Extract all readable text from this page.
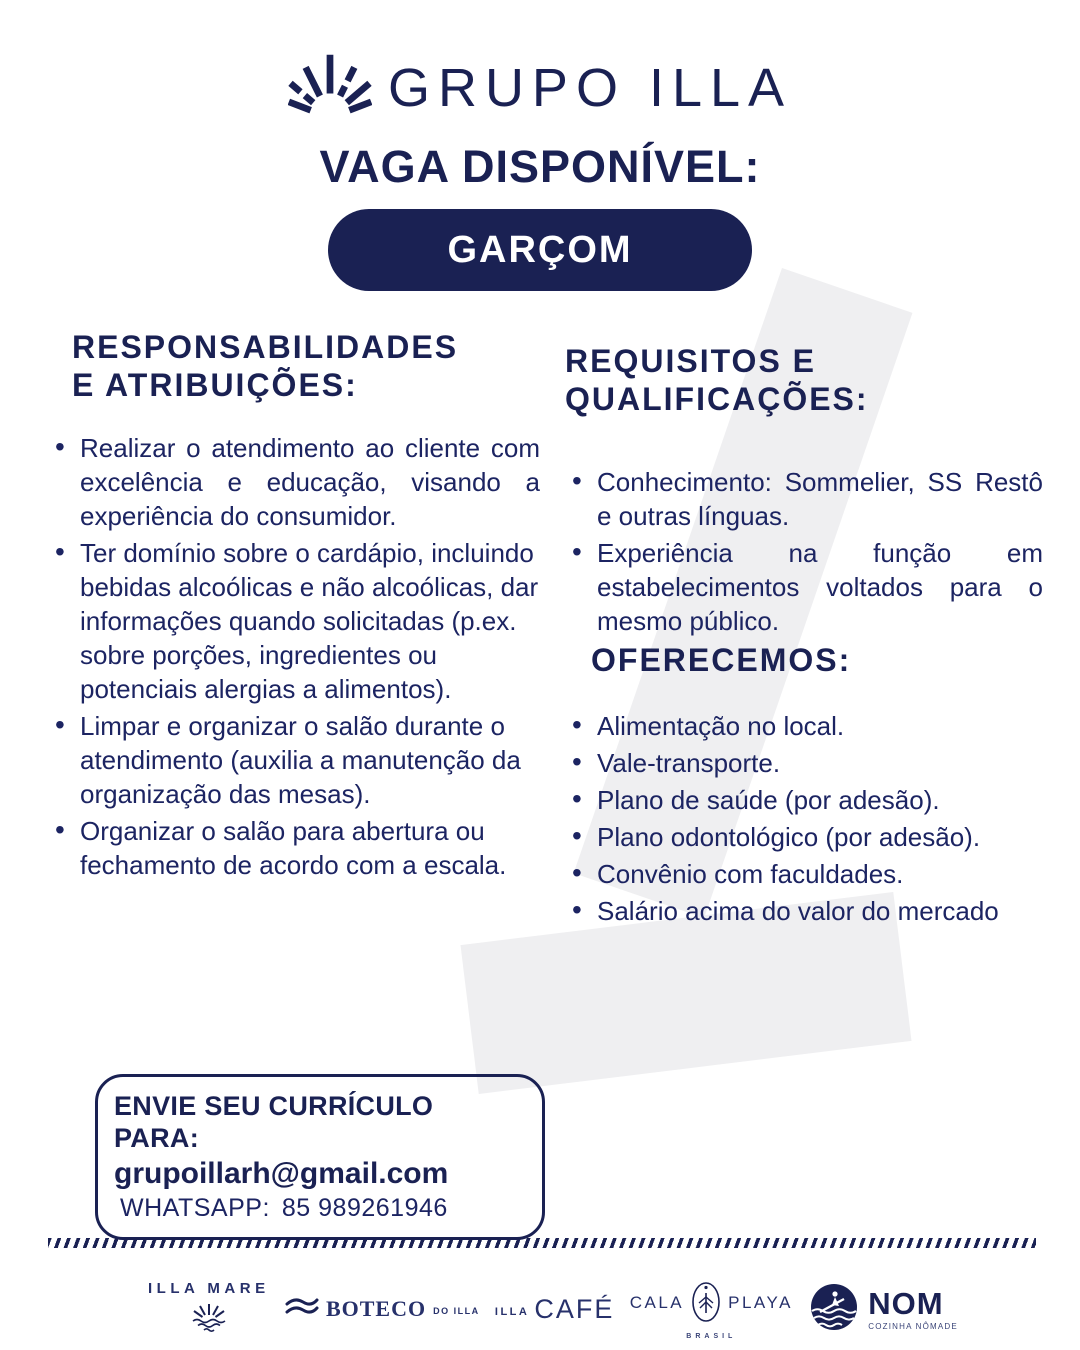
GRUPO ILLA
VAGA DISPONÍVEL:
GARÇOM
RESPONSABILIDADES
E ATRIBUIÇÕES:
• Realizar o atendimento ao cliente com excelência e educação, visando a experiência do consumidor.
• Ter domínio sobre o cardápio, incluindo bebidas alcoólicas e não alcoólicas, dar informações quando solicitadas (p.ex. sobre porções, ingredientes ou potenciais alergias a alimentos).
• Limpar e organizar o salão durante o atendimento (auxilia a manutenção da organização das mesas).
• Organizar o salão para abertura ou fechamento de acordo com a escala.
REQUISITOS E
QUALIFICAÇÕES:
• Conhecimento: Sommelier, SS Restô e outras línguas.
• Experiência na função em estabelecimentos voltados para o mesmo público.
OFERECEMOS:
• Alimentação no local.
• Vale-transporte.
• Plano de saúde (por adesão).
• Plano odontológico (por adesão).
• Convênio com faculdades.
• Salário acima do valor do mercado
ENVIE SEU CURRÍCULO PARA:
grupoillarh@gmail.com
WHATSAPP: 85 989261946
ILLA MARE
BOTECO DO ILLA ILLA CAFÉ CALA	PLAYA
BRASIL
NOM
COZINHA NÔMADE
